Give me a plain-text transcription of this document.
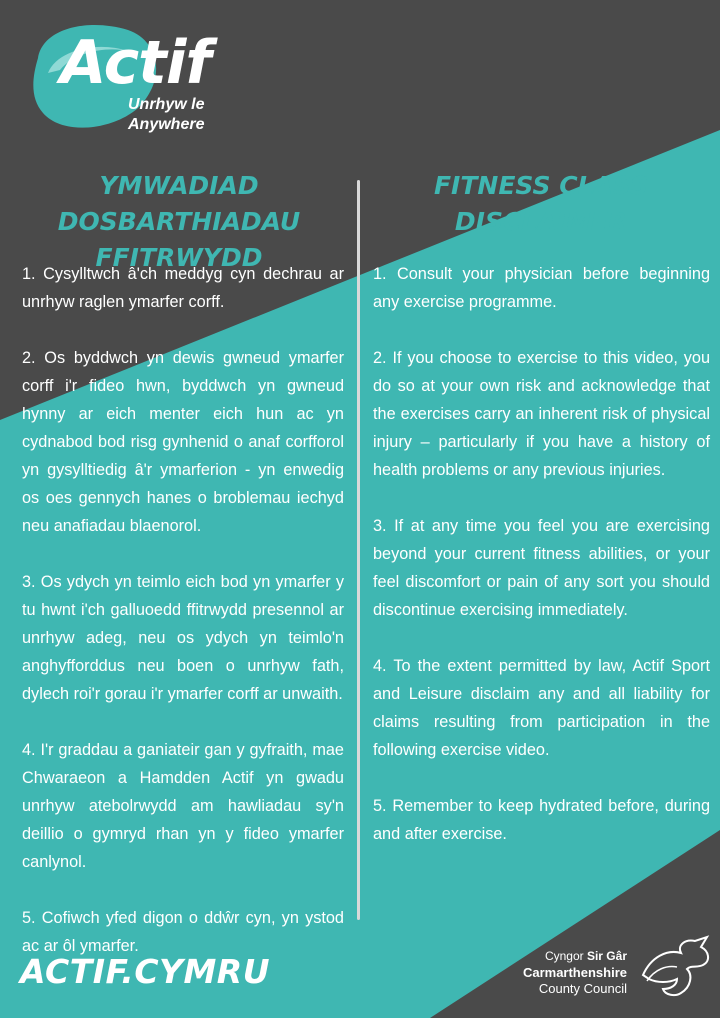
Actif
Unrhyw le
Anywhere
YMWADIAD
DOSBARTHIADAU FFITRWYDD
FITNESS CLASS
DISCLAIMER

1. Cysylltwch â'ch meddyg cyn dechrau ar unrhyw raglen ymarfer corff.

2. Os byddwch yn dewis gwneud ymarfer corff i'r fideo hwn, byddwch yn gwneud hynny ar eich menter eich hun ac yn cydnabod bod risg gynhenid o anaf corfforol yn gysylltiedig â'r ymarferion - yn enwedig os oes gennych hanes o broblemau iechyd neu anafiadau blaenorol.

3. Os ydych yn teimlo eich bod yn ymarfer y tu hwnt i'ch galluoedd ffitrwydd presennol ar unrhyw adeg, neu os ydych yn teimlo'n anghyfforddus neu boen o unrhyw fath, dylech roi'r gorau i'r ymarfer corff ar unwaith.

4. I'r graddau a ganiateir gan y gyfraith, mae Chwaraeon a Hamdden Actif yn gwadu unrhyw atebolrwydd am hawliadau sy'n deillio o gymryd rhan yn y fideo ymarfer canlynol.

5. Cofiwch yfed digon o ddŵr cyn, yn ystod ac ar ôl ymarfer.

1. Consult your physician before beginning any exercise programme.

2. If you choose to exercise to this video, you do so at your own risk and acknowledge that the exercises carry an inherent risk of physical injury – particularly if you have a history of health problems or any previous injuries.

3. If at any time you feel you are exercising beyond your current fitness abilities, or your feel discomfort or pain of any sort you should discontinue exercising immediately.

4. To the extent permitted by law, Actif Sport and Leisure disclaim any and all liability for claims resulting from participation in the following exercise video.

5. Remember to keep hydrated before, during and after exercise.

ACTIF.CYMRU	Cyngor Sir Gâr
Carmarthenshire
County Council
